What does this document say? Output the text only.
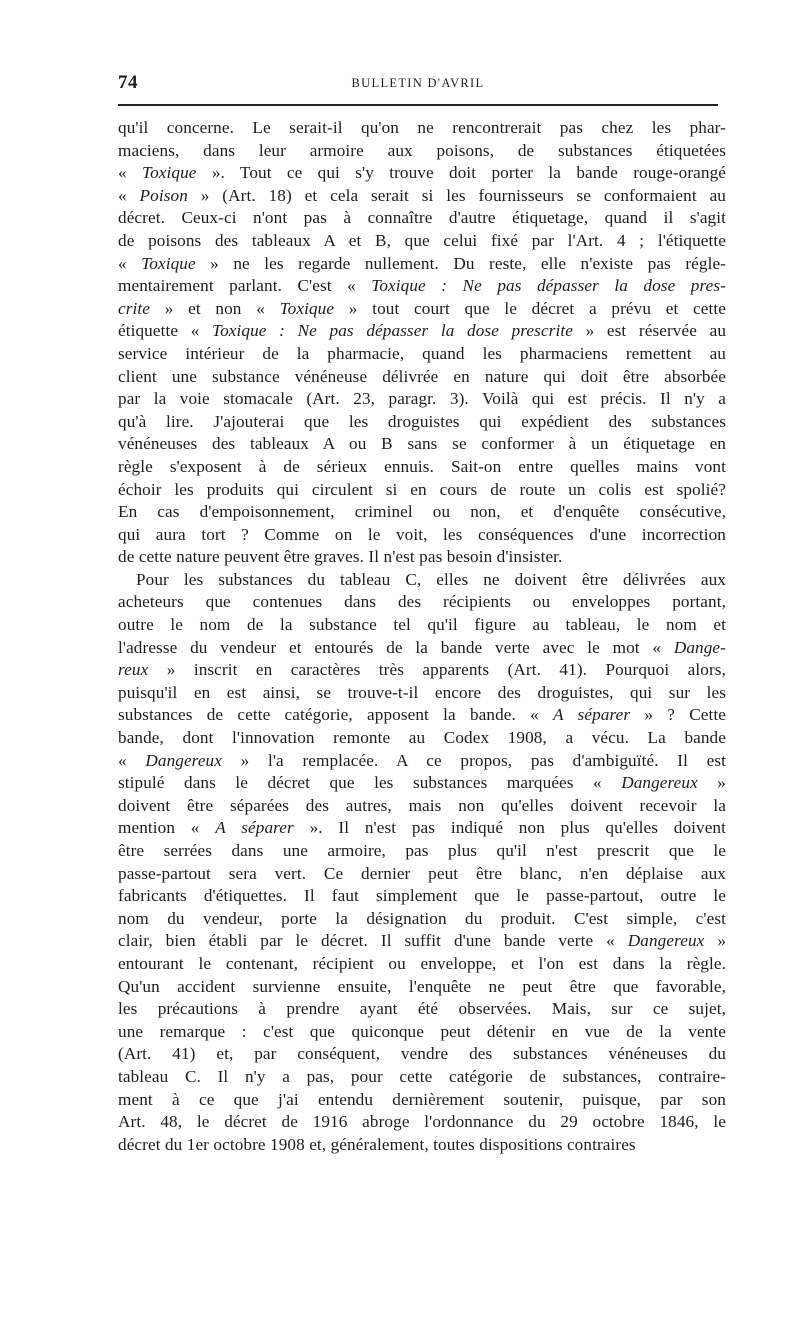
74	BULLETIN D'AVRIL

qu'il concerne. Le serait-il qu'on ne rencontrerait pas chez les phar-
maciens, dans leur armoire aux poisons, de substances étiquetées
« Toxique ». Tout ce qui s'y trouve doit porter la bande rouge-orangé
« Poison » (Art. 18) et cela serait si les fournisseurs se conformaient au
décret. Ceux-ci n'ont pas à connaître d'autre étiquetage, quand il s'agit
de poisons des tableaux A et B, que celui fixé par l'Art. 4 ; l'étiquette
« Toxique » ne les regarde nullement. Du reste, elle n'existe pas régle-
mentairement parlant. C'est « Toxique : Ne pas dépasser la dose pres-
crite » et non « Toxique » tout court que le décret a prévu et cette
étiquette « Toxique : Ne pas dépasser la dose prescrite » est réservée au
service intérieur de la pharmacie, quand les pharmaciens remettent au
client une substance vénéneuse délivrée en nature qui doit être absorbée
par la voie stomacale (Art. 23, paragr. 3). Voilà qui est précis. Il n'y a
qu'à lire. J'ajouterai que les droguistes qui expédient des substances
vénéneuses des tableaux A ou B sans se conformer à un étiquetage en
règle s'exposent à de sérieux ennuis. Sait-on entre quelles mains vont
échoir les produits qui circulent si en cours de route un colis est spolié?
En cas d'empoisonnement, criminel ou non, et d'enquête consécutive,
qui aura tort ? Comme on le voit, les conséquences d'une incorrection
de cette nature peuvent être graves. Il n'est pas besoin d'insister.

Pour les substances du tableau C, elles ne doivent être délivrées aux
acheteurs que contenues dans des récipients ou enveloppes portant,
outre le nom de la substance tel qu'il figure au tableau, le nom et
l'adresse du vendeur et entourés de la bande verte avec le mot « Dange-
reux » inscrit en caractères très apparents (Art. 41). Pourquoi alors,
puisqu'il en est ainsi, se trouve-t-il encore des droguistes, qui sur les
substances de cette catégorie, apposent la bande. « A séparer » ? Cette
bande, dont l'innovation remonte au Codex 1908, a vécu. La bande
« Dangereux » l'a remplacée. A ce propos, pas d'ambiguïté. Il est
stipulé dans le décret que les substances marquées « Dangereux »
doivent être séparées des autres, mais non qu'elles doivent recevoir la
mention « A séparer ». Il n'est pas indiqué non plus qu'elles doivent
être serrées dans une armoire, pas plus qu'il n'est prescrit que le
passe-partout sera vert. Ce dernier peut être blanc, n'en déplaise aux
fabricants d'étiquettes. Il faut simplement que le passe-partout, outre le
nom du vendeur, porte la désignation du produit. C'est simple, c'est
clair, bien établi par le décret. Il suffit d'une bande verte « Dangereux »
entourant le contenant, récipient ou enveloppe, et l'on est dans la règle.
Qu'un accident survienne ensuite, l'enquête ne peut être que favorable,
les précautions à prendre ayant été observées. Mais, sur ce sujet,
une remarque : c'est que quiconque peut détenir en vue de la vente
(Art. 41) et, par conséquent, vendre des substances vénéneuses du
tableau C. Il n'y a pas, pour cette catégorie de substances, contraire-
ment à ce que j'ai entendu dernièrement soutenir, puisque, par son
Art. 48, le décret de 1916 abroge l'ordonnance du 29 octobre 1846, le
décret du 1er octobre 1908 et, généralement, toutes dispositions contraires
